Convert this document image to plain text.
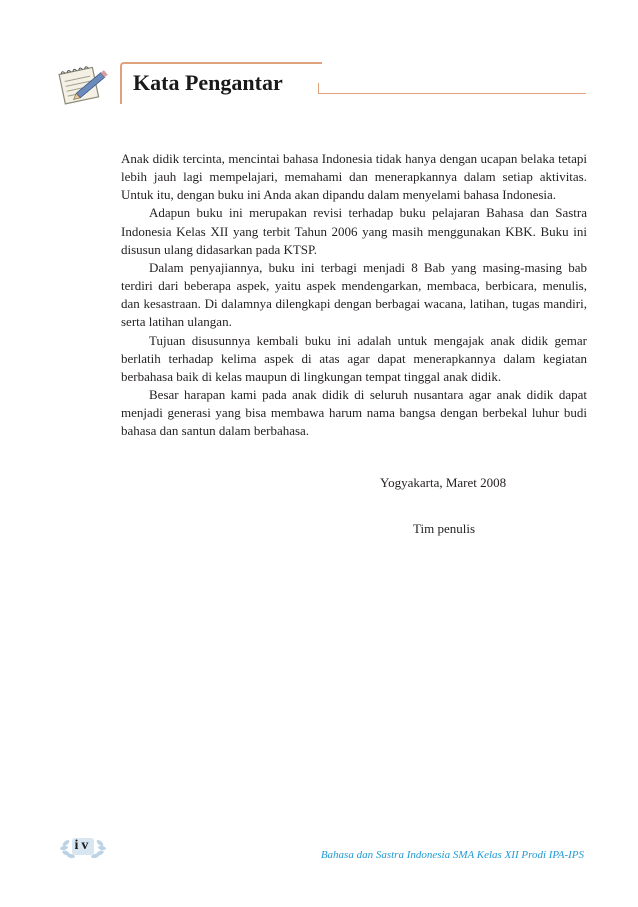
Kata Pengantar

Anak didik tercinta, mencintai bahasa Indonesia tidak hanya dengan ucapan belaka tetapi lebih jauh lagi mempelajari, memahami dan menerapkannya dalam setiap aktivitas. Untuk itu, dengan buku ini Anda akan dipandu dalam menyelami bahasa Indonesia.

Adapun buku ini merupakan revisi terhadap buku pelajaran Bahasa dan Sastra Indonesia Kelas XII yang terbit Tahun 2006 yang masih menggunakan KBK. Buku ini disusun ulang didasarkan pada KTSP.

Dalam penyajiannya, buku ini terbagi menjadi 8 Bab yang masing-masing bab terdiri dari beberapa aspek, yaitu aspek mendengarkan, membaca, berbicara, menulis, dan kesastraan. Di dalamnya dilengkapi dengan berbagai wacana, latihan, tugas mandiri, serta latihan ulangan.

Tujuan disusunnya kembali buku ini adalah untuk mengajak anak didik gemar berlatih terhadap kelima aspek di atas agar dapat menerapkannya dalam kegiatan berbahasa baik di kelas maupun di lingkungan tempat tinggal anak didik.

Besar harapan kami pada anak didik di seluruh nusantara agar anak didik dapat menjadi generasi yang bisa membawa harum nama bangsa dengan berbekal luhur budi bahasa dan santun dalam berbahasa.

Yogyakarta, Maret 2008
Tim penulis
iv
Bahasa dan Sastra Indonesia SMA Kelas XII Prodi IPA-IPS
